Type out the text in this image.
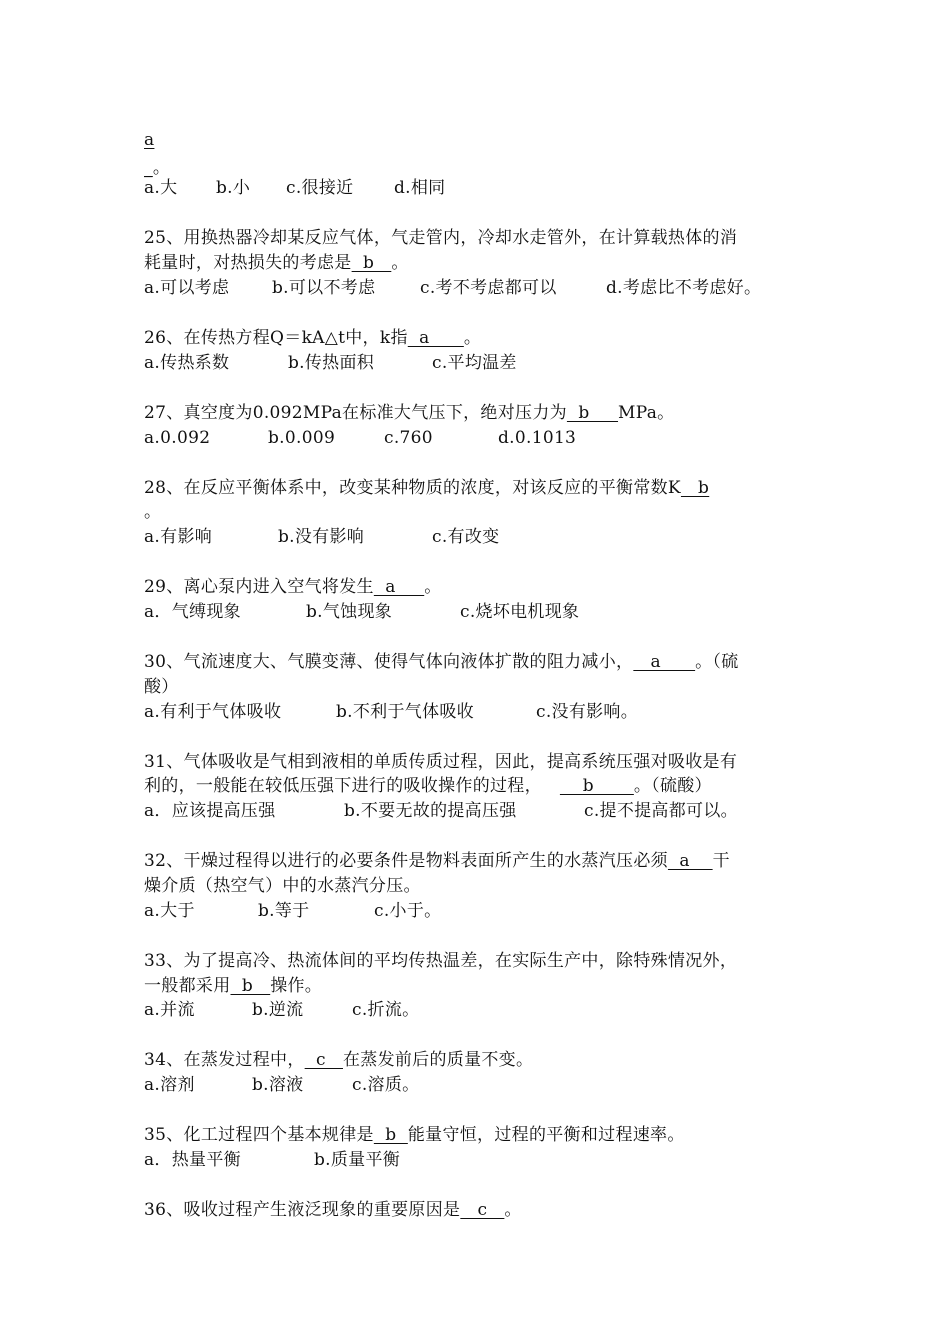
a
_。
a.大 b.小 c.很接近 d.相同
25、用换热器冷却某反应气体，气走管内，冷却水走管外，在计算载热体的消
耗量时，对热损失的考虑是  b   。
a.可以考虑	b.可以不考虑	c.考不考虑都可以	d.考虑比不考虑好。
26、在传热方程Q＝kA△t中，k指  a      。
a.传热系数	b.传热面积	c.平均温差
27、真空度为0.092MPa在标准大气压下，绝对压力为  b     MPa。
a.0.092	b.0.009	c.760	d.0.1013
28、在反应平衡体系中，改变某种物质的浓度，对该反应的平衡常数K   b
。
a.有影响	b.没有影响	c.有改变
29、离心泵内进入空气将发生  a     。
a．气缚现象	b.气蚀现象	c.烧坏电机现象
30、气流速度大、气膜变薄、使得气体向液体扩散的阻力减小，   a      。（硫
酸）
a.有利于气体吸收	b.不利于气体吸收	c.没有影响。
31、气体吸收是气相到液相的单质传质过程，因此，提高系统压强对吸收是有
利的，一般能在较低压强下进行的吸收操作的过程，    b       。（硫酸）
a．应该提高压强	b.不要无故的提高压强	c.提不提高都可以。
32、干燥过程得以进行的必要条件是物料表面所产生的水蒸汽压必须  a    干
燥介质（热空气）中的水蒸汽分压。
a.大于	b.等于	c.小于。
33、为了提高冷、热流体间的平均传热温差，在实际生产中，除特殊情况外，
一般都采用  b   操作。
a.并流	b.逆流	c.折流。
34、在蒸发过程中，  c   在蒸发前后的质量不变。
a.溶剂	b.溶液	c.溶质。
35、化工过程四个基本规律是  b  能量守恒，过程的平衡和过程速率。
a．热量平衡	b.质量平衡
36、吸收过程产生液泛现象的重要原因是   c   。
